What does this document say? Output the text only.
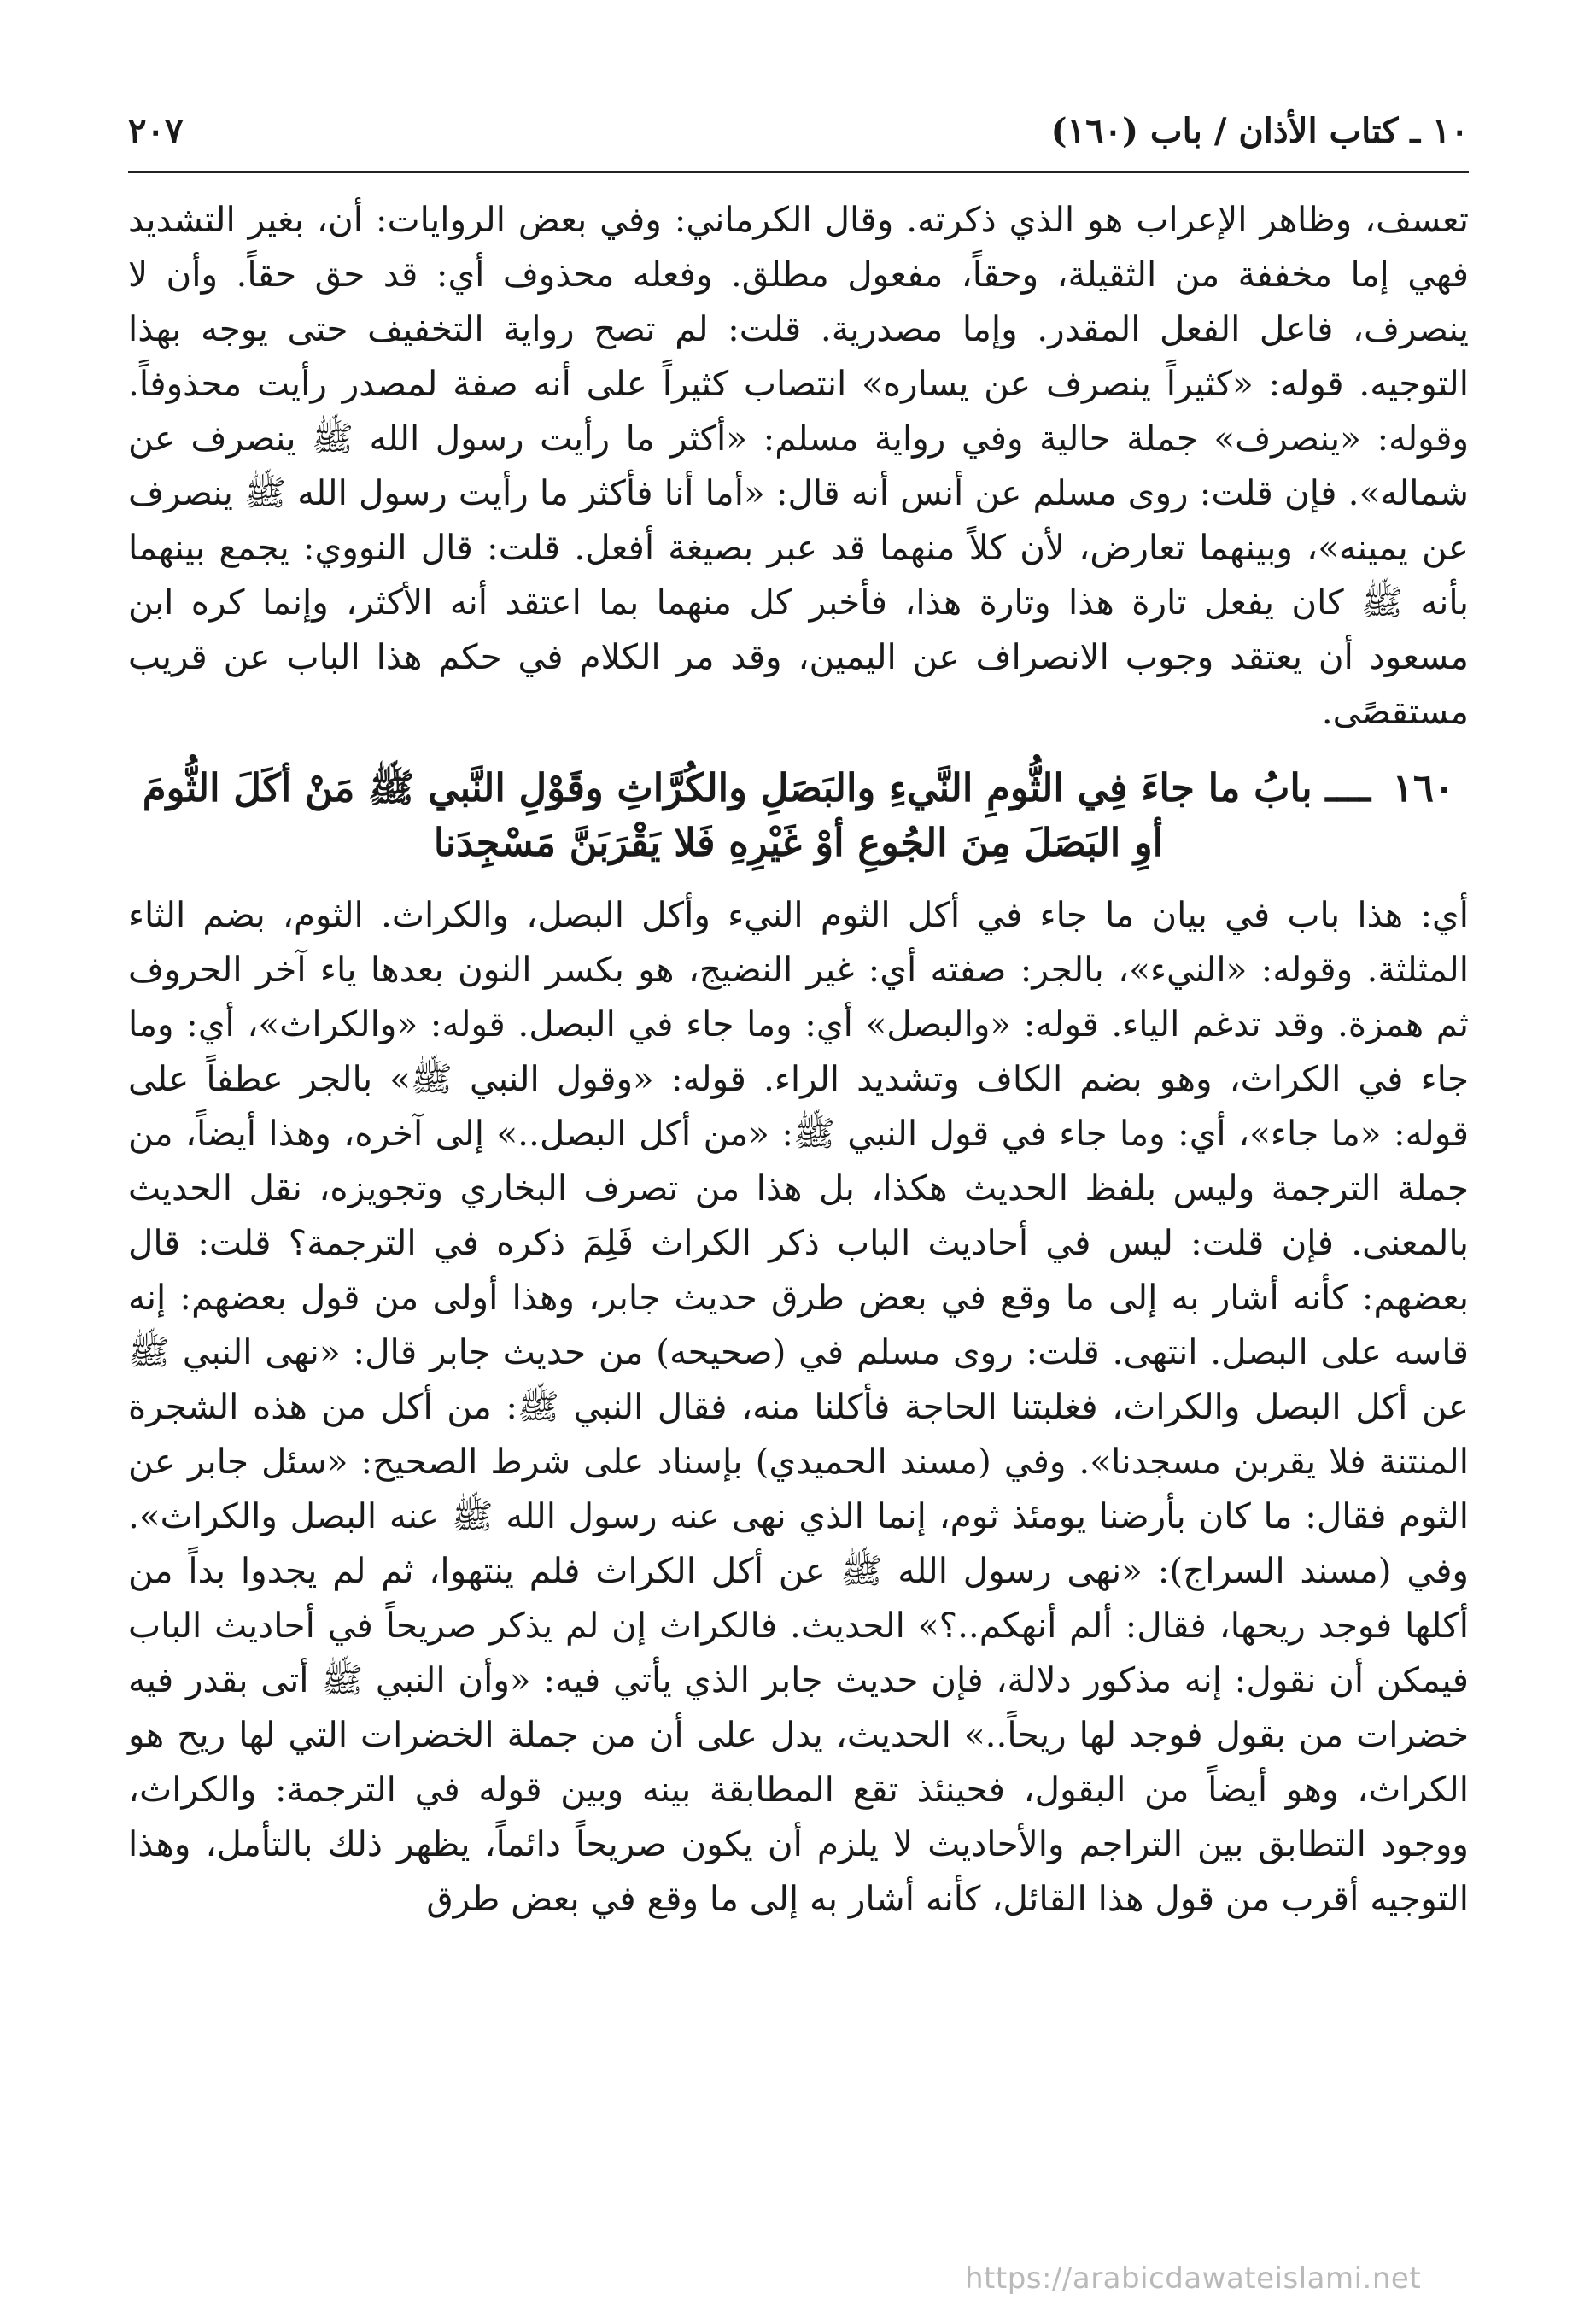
١٠ ـ كتاب الأذان / باب (١٦٠)
٢٠٧

تعسف، وظاهر الإعراب هو الذي ذكرته. وقال الكرماني: وفي بعض الروايات: أن، بغير التشديد فهي إما مخففة من الثقيلة، وحقاً، مفعول مطلق. وفعله محذوف أي: قد حق حقاً. وأن لا ينصرف، فاعل الفعل المقدر. وإما مصدرية. قلت: لم تصح رواية التخفيف حتى يوجه بهذا التوجيه. قوله: «كثيراً ينصرف عن يساره» انتصاب كثيراً على أنه صفة لمصدر رأيت محذوفاً. وقوله: «ينصرف» جملة حالية وفي رواية مسلم: «أكثر ما رأيت رسول الله ﷺ ينصرف عن شماله». فإن قلت: روى مسلم عن أنس أنه قال: «أما أنا فأكثر ما رأيت رسول الله ﷺ ينصرف عن يمينه»، وبينهما تعارض، لأن كلاً منهما قد عبر بصيغة أفعل. قلت: قال النووي: يجمع بينهما بأنه ﷺ كان يفعل تارة هذا وتارة هذا، فأخبر كل منهما بما اعتقد أنه الأكثر، وإنما كره ابن مسعود أن يعتقد وجوب الانصراف عن اليمين، وقد مر الكلام في حكم هذا الباب عن قريب مستقصًى.

١٦٠ ــــ بابُ ما جاءَ فِي الثُّومِ النَّيءِ والبَصَلِ والكُرَّاثِ وقَوْلِ النَّبي ﷺ مَنْ أكَلَ الثُّومَ أوِ البَصَلَ مِنَ الجُوعِ أوْ غَيْرِهِ فَلا يَقْرَبَنَّ مَسْجِدَنا

أي: هذا باب في بيان ما جاء في أكل الثوم النيء وأكل البصل، والكراث. الثوم، بضم الثاء المثلثة. وقوله: «النيء»، بالجر: صفته أي: غير النضيج، هو بكسر النون بعدها ياء آخر الحروف ثم همزة. وقد تدغم الياء. قوله: «والبصل» أي: وما جاء في البصل. قوله: «والكراث»، أي: وما جاء في الكراث، وهو بضم الكاف وتشديد الراء. قوله: «وقول النبي ﷺ» بالجر عطفاً على قوله: «ما جاء»، أي: وما جاء في قول النبي ﷺ: «من أكل البصل..» إلى آخره، وهذا أيضاً، من جملة الترجمة وليس بلفظ الحديث هكذا، بل هذا من تصرف البخاري وتجويزه، نقل الحديث بالمعنى. فإن قلت: ليس في أحاديث الباب ذكر الكراث فَلِمَ ذكره في الترجمة؟ قلت: قال بعضهم: كأنه أشار به إلى ما وقع في بعض طرق حديث جابر، وهذا أولى من قول بعضهم: إنه قاسه على البصل. انتهى. قلت: روى مسلم في (صحيحه) من حديث جابر قال: «نهى النبي ﷺ عن أكل البصل والكراث، فغلبتنا الحاجة فأكلنا منه، فقال النبي ﷺ: من أكل من هذه الشجرة المنتنة فلا يقربن مسجدنا». وفي (مسند الحميدي) بإسناد على شرط الصحيح: «سئل جابر عن الثوم فقال: ما كان بأرضنا يومئذ ثوم، إنما الذي نهى عنه رسول الله ﷺ عنه البصل والكراث». وفي (مسند السراج): «نهى رسول الله ﷺ عن أكل الكراث فلم ينتهوا، ثم لم يجدوا بداً من أكلها فوجد ريحها، فقال: ألم أنهكم..؟» الحديث. فالكراث إن لم يذكر صريحاً في أحاديث الباب فيمكن أن نقول: إنه مذكور دلالة، فإن حديث جابر الذي يأتي فيه: «وأن النبي ﷺ أتى بقدر فيه خضرات من بقول فوجد لها ريحاً..» الحديث، يدل على أن من جملة الخضرات التي لها ريح هو الكراث، وهو أيضاً من البقول، فحينئذ تقع المطابقة بينه وبين قوله في الترجمة: والكراث، ووجود التطابق بين التراجم والأحاديث لا يلزم أن يكون صريحاً دائماً، يظهر ذلك بالتأمل، وهذا التوجيه أقرب من قول هذا القائل، كأنه أشار به إلى ما وقع في بعض طرق

https://arabicdawateislami.net
